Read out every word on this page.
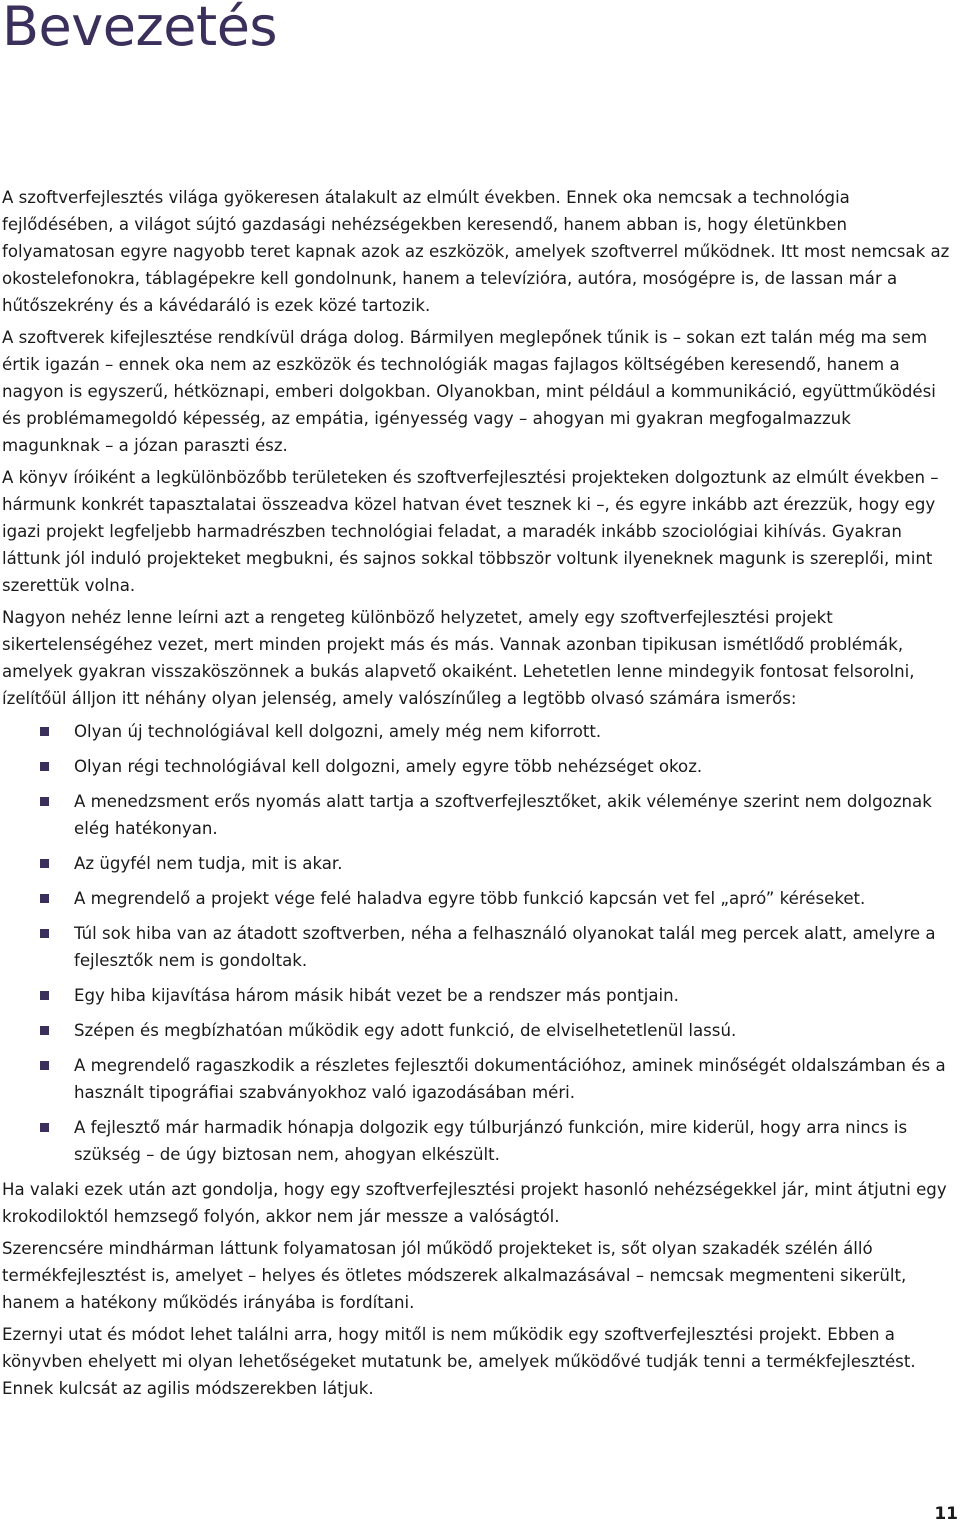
Bevezetés

A szoftverfejlesztés világa gyökeresen átalakult az elmúlt években. Ennek oka nemcsak a technológia fejlődésében, a világot sújtó gazdasági nehézségekben keresendő, hanem abban is, hogy életünkben folyamatosan egyre nagyobb teret kapnak azok az eszközök, amelyek szoftverrel működnek. Itt most nemcsak az okostelefonokra, táblagépekre kell gondolnunk, hanem a televízióra, autóra, mosógépre is, de lassan már a hűtőszekrény és a kávédaráló is ezek közé tartozik.

A szoftverek kifejlesztése rendkívül drága dolog. Bármilyen meglepőnek tűnik is – sokan ezt talán még ma sem értik igazán – ennek oka nem az eszközök és technológiák magas fajlagos költségében keresendő, hanem a nagyon is egyszerű, hétköznapi, emberi dolgokban. Olyanokban, mint például a kommunikáció, együttműködési és problémamegoldó képesség, az empátia, igényesség vagy – ahogyan mi gyakran megfogalmazzuk magunknak – a józan paraszti ész.

A könyv íróiként a legkülönbözőbb területeken és szoftverfejlesztési projekteken dolgoztunk az elmúlt években – hármunk konkrét tapasztalatai összeadva közel hatvan évet tesznek ki –, és egyre inkább azt érezzük, hogy egy igazi projekt legfeljebb harmadrészben technológiai feladat, a maradék inkább szociológiai kihívás. Gyakran láttunk jól induló projekteket megbukni, és sajnos sokkal többször voltunk ilyeneknek magunk is szereplői, mint szerettük volna.

Nagyon nehéz lenne leírni azt a rengeteg különböző helyzetet, amely egy szoftverfejlesztési projekt sikertelenségéhez vezet, mert minden projekt más és más. Vannak azonban tipikusan ismétlődő problémák, amelyek gyakran visszaköszönnek a bukás alapvető okaiként. Lehetetlen lenne mindegyik fontosat felsorolni, ízelítőül álljon itt néhány olyan jelenség, amely valószínűleg a legtöbb olvasó számára ismerős:

Olyan új technológiával kell dolgozni, amely még nem kiforrott.
Olyan régi technológiával kell dolgozni, amely egyre több nehézséget okoz.
A menedzsment erős nyomás alatt tartja a szoftverfejlesztőket, akik véleménye szerint nem dolgoznak elég hatékonyan.
Az ügyfél nem tudja, mit is akar.
A megrendelő a projekt vége felé haladva egyre több funkció kapcsán vet fel „apró” kéréseket.
Túl sok hiba van az átadott szoftverben, néha a felhasználó olyanokat talál meg percek alatt, amelyre a fejlesztők nem is gondoltak.
Egy hiba kijavítása három másik hibát vezet be a rendszer más pontjain.
Szépen és megbízhatóan működik egy adott funkció, de elviselhetetlenül lassú.
A megrendelő ragaszkodik a részletes fejlesztői dokumentációhoz, aminek minőségét oldalszámban és a használt tipográfiai szabványokhoz való igazodásában méri.
A fejlesztő már harmadik hónapja dolgozik egy túlburjánzó funkción, mire kiderül, hogy arra nincs is szükség – de úgy biztosan nem, ahogyan elkészült.

Ha valaki ezek után azt gondolja, hogy egy szoftverfejlesztési projekt hasonló nehézségekkel jár, mint átjutni egy krokodiloktól hemzsegő folyón, akkor nem jár messze a valóságtól.

Szerencsére mindhárman láttunk folyamatosan jól működő projekteket is, sőt olyan szakadék szélén álló termékfejlesztést is, amelyet – helyes és ötletes módszerek alkalmazásával – nemcsak megmenteni sikerült, hanem a hatékony működés irányába is fordítani.

Ezernyi utat és módot lehet találni arra, hogy mitől is nem működik egy szoftverfejlesztési projekt. Ebben a könyvben ehelyett mi olyan lehetőségeket mutatunk be, amelyek működővé tudják tenni a termékfejlesztést. Ennek kulcsát az agilis módszerekben látjuk.

11
